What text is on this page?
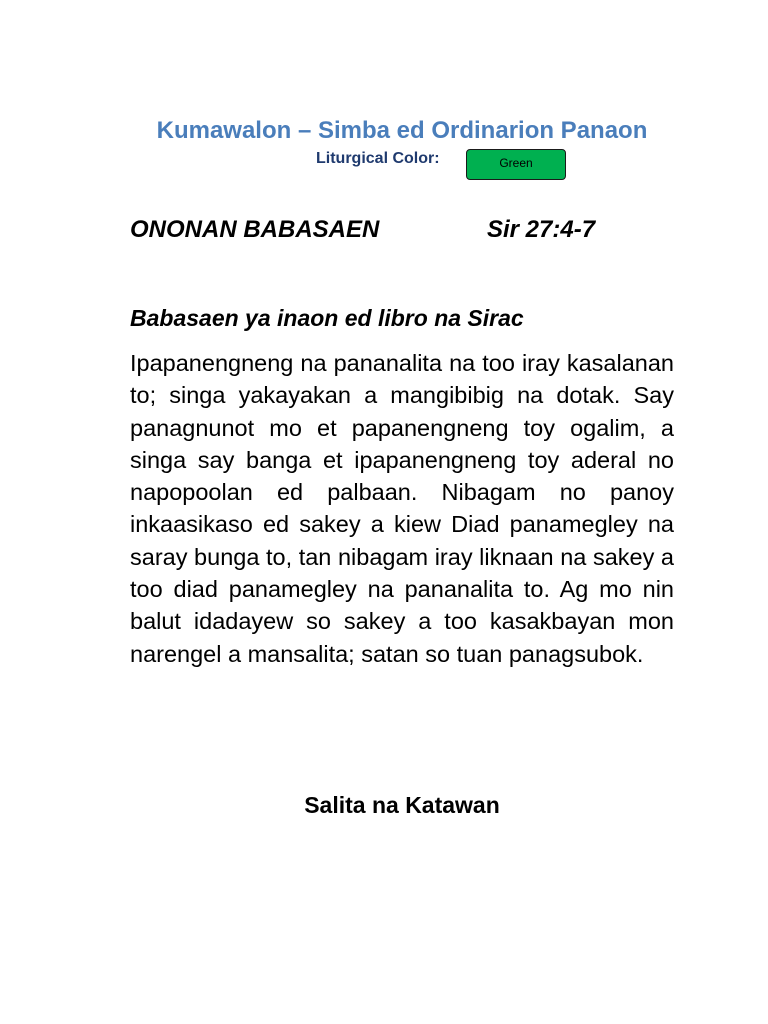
Kumawalon – Simba ed Ordinarion Panaon
Liturgical Color:	Green
ONONAN BABASAEN	Sir 27:4-7
Babasaen ya inaon ed libro na Sirac

Ipapanengneng na pananalita na too iray kasalanan to; singa yakayakan a mangibibig na dotak. Say panagnunot mo et papanengneng toy ogalim, a singa say banga et ipapanengneng toy aderal no napopoolan ed palbaan. Nibagam no panoy inkaasikaso ed sakey a kiew Diad panamegley na saray bunga to, tan nibagam iray liknaan na sakey a too diad panamegley na pananalita to. Ag mo nin balut idadayew so sakey a too kasakbayan mon narengel a mansalita; satan so tuan panagsubok.

Salita na Katawan
